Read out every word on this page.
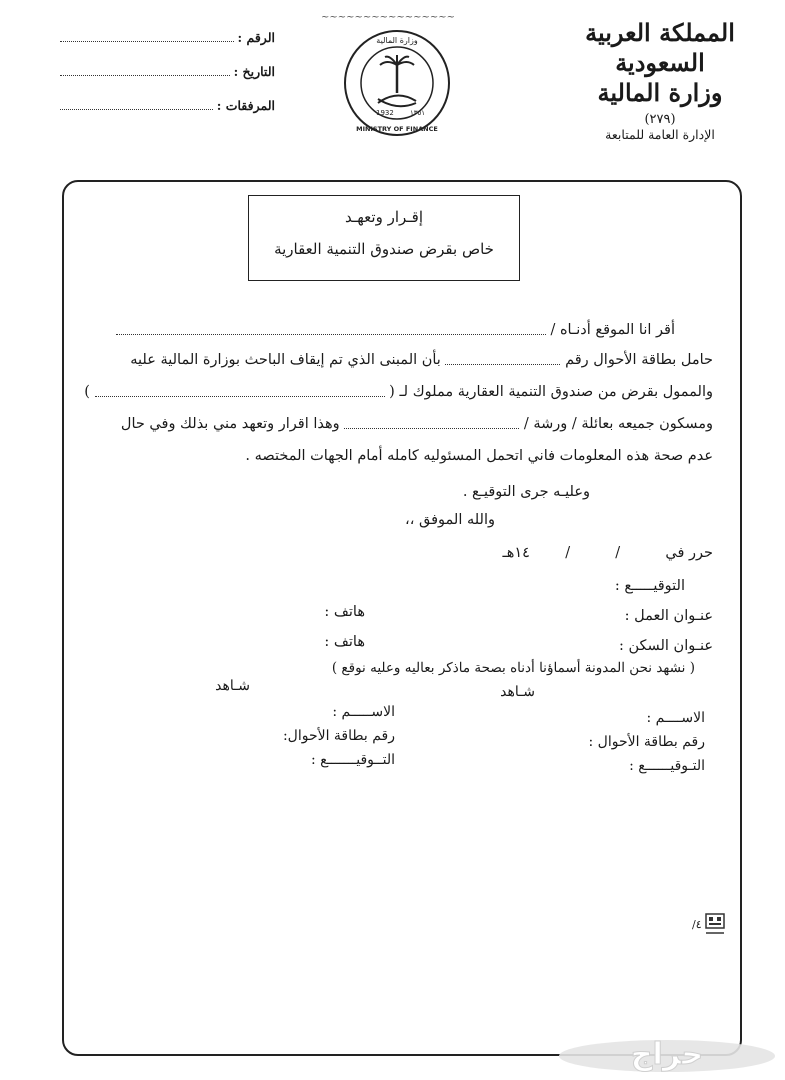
المملكة العربية السعودية
وزارة المالية
(٢٧٩)
الإدارة العامة للمتابعة
~~~~~~~~~~~~~~~~
1932 ١٣٥١
وزارة المالية
MINISTRY OF FINANCE
الرقم :
التاريخ :
المرفقات :
إقـرار وتعهـد
خاص بقرض صندوق التنمية العقارية
أقر انا الموقع أدنـاه /
حامل بطاقة الأحوال رقم  بأن المبنى الذي تم إيقاف الباحث بوزارة المالية عليه
والممول بقرض من صندوق التنمية العقارية مملوك لـ (  )
ومسكون جميعه بعائلة / ورشة /  وهذا اقرار وتعهد مني بذلك وفي حال
عدم صحة هذه المعلومات فاني اتحمل المسئوليه كامله أمام الجهات المختصه .
وعليـه جرى التوقيـع .
والله الموفق ،،
حرر في  /  /  ١٤هـ
التوقيـــــع :
عنـوان العمل :
هاتف :
عنـوان السكن :
هاتف :
( نشهد نحن المدونة أسماؤنا أدناه بصحة ماذكر بعاليه وعليه نوقع )
شـاهد
شـاهد
الاســــم :
رقم بطاقة الأحوال :
التـوقيــــــع :
الاســـــم :
رقم بطاقة الأحوال:
التــوقيـــــــع :
٤/
حراج
